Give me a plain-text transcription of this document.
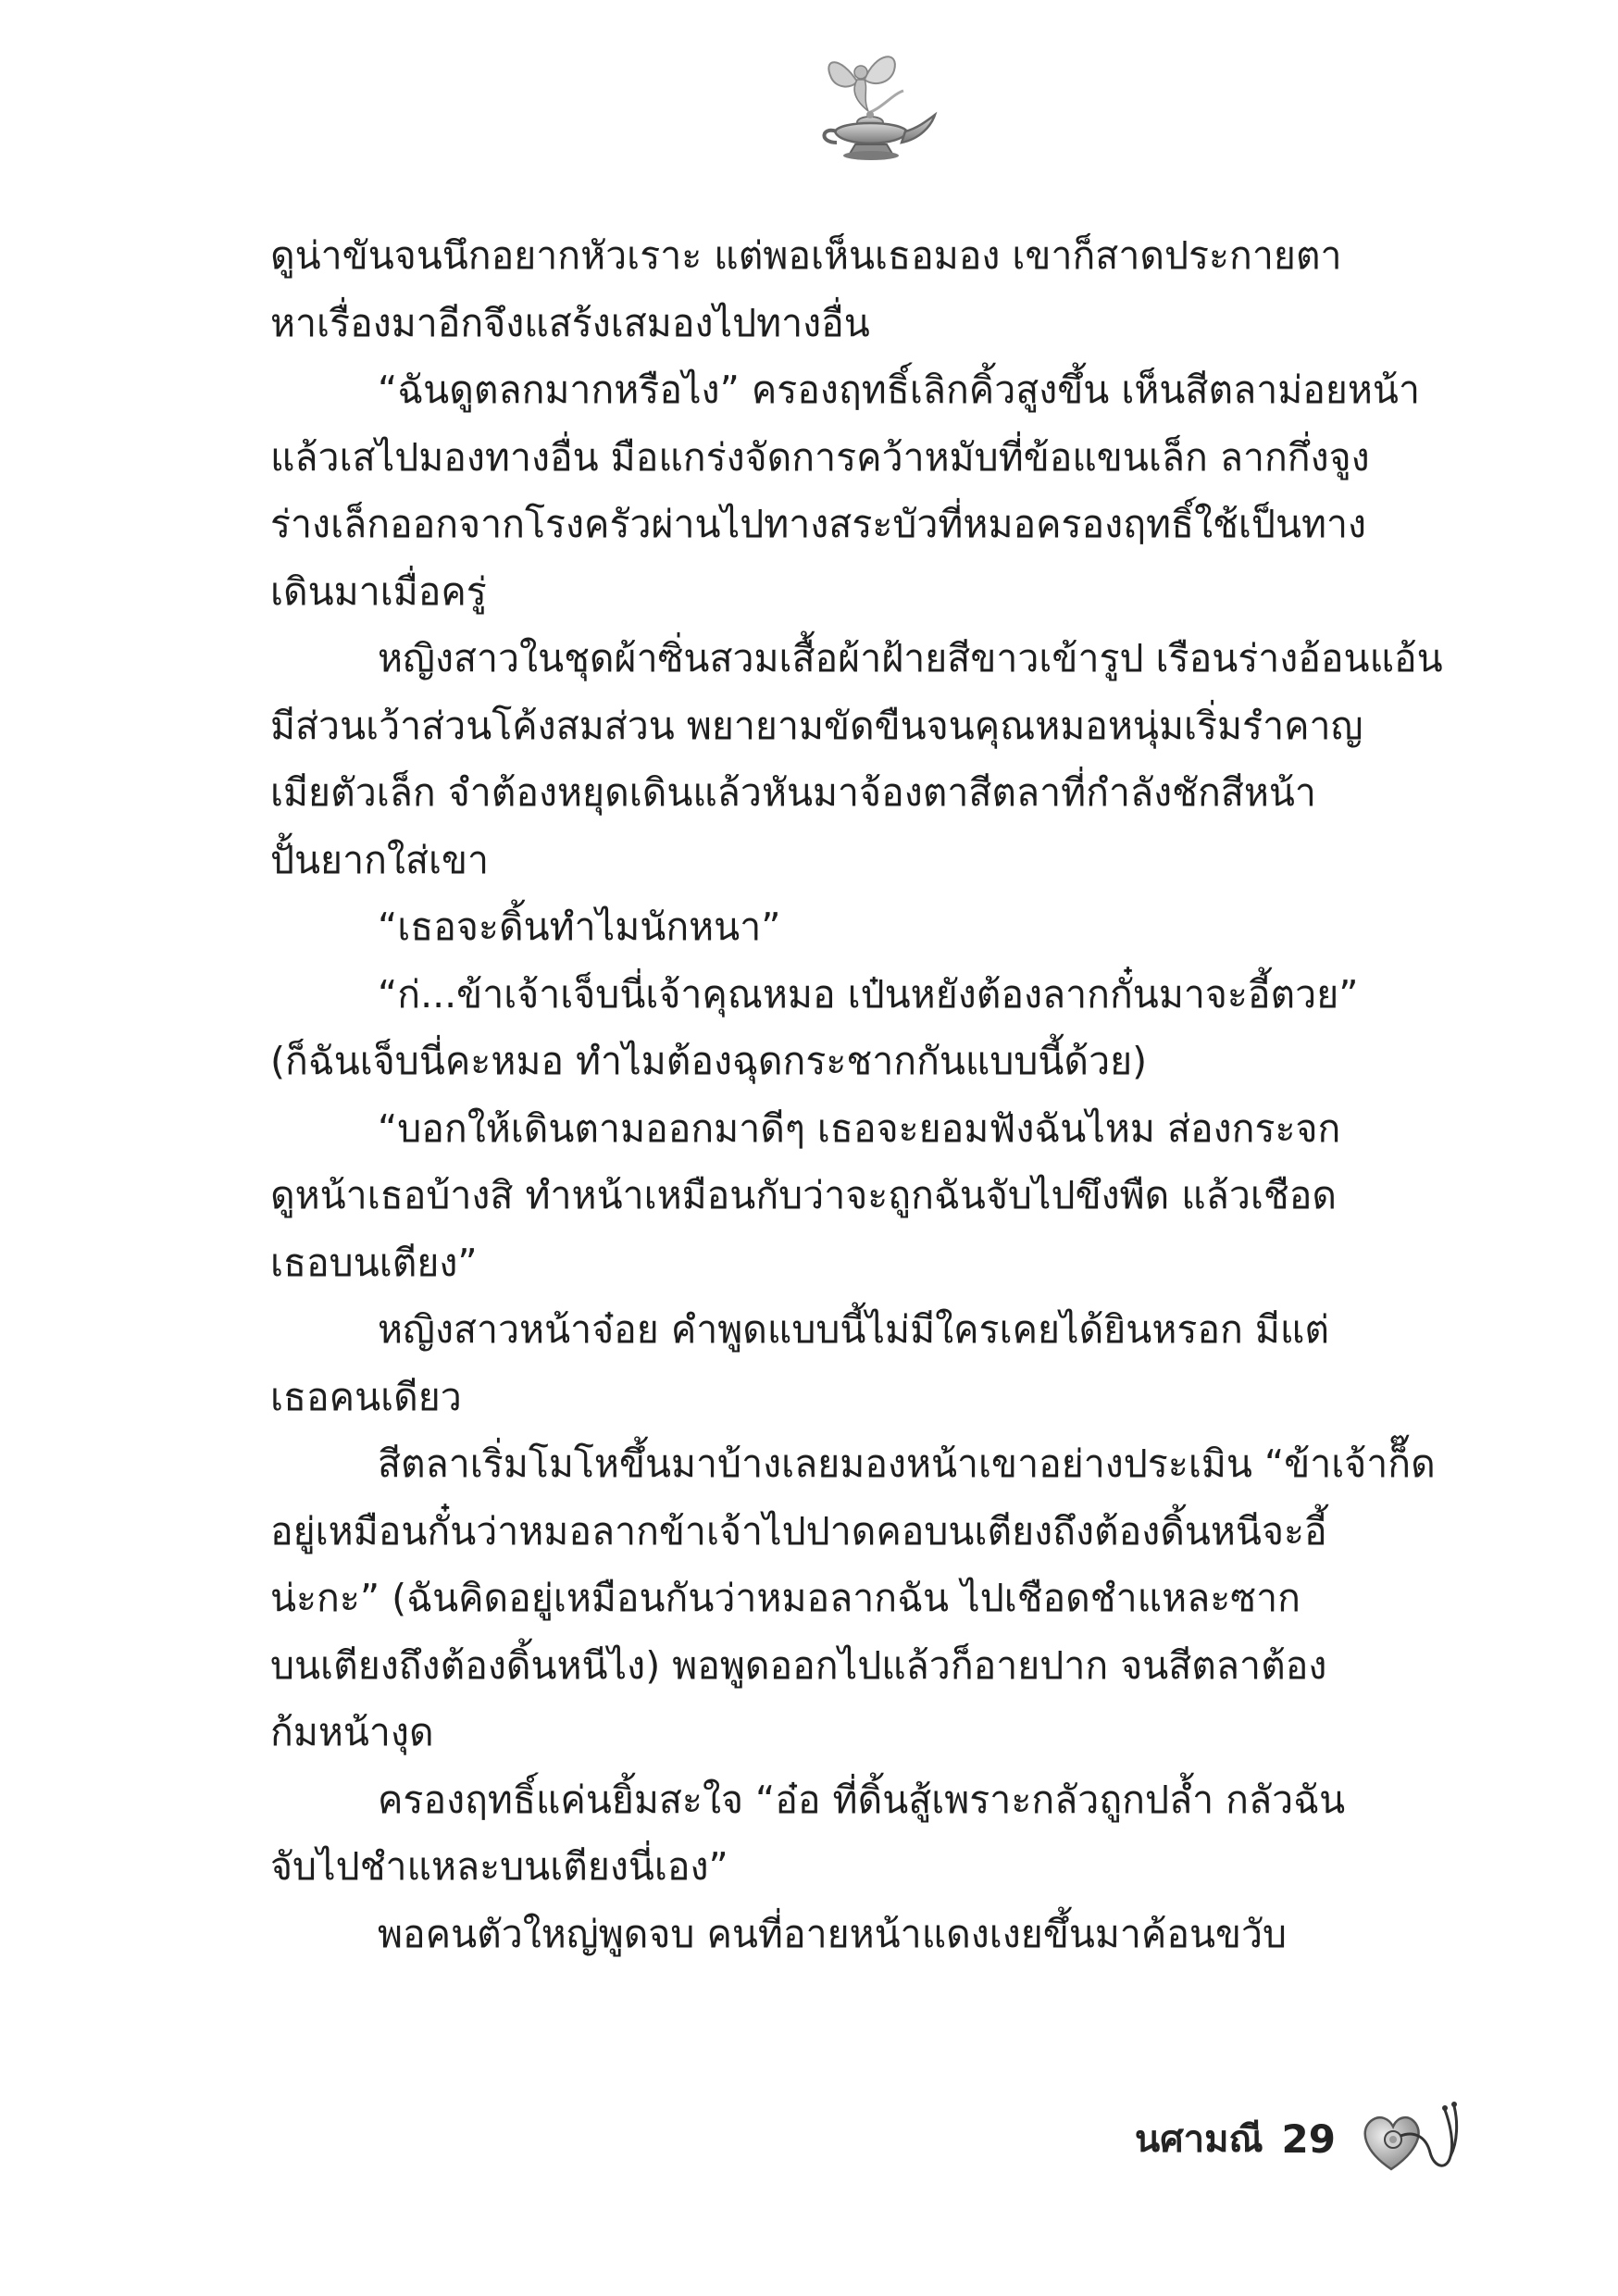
ดูน่าขันจนนึกอยากหัวเราะ แต่พอเห็นเธอมอง เขาก็สาดประกายตา
หาเรื่องมาอีกจึงแสร้งเสมองไปทางอื่น
“ฉันดูตลกมากหรือไง” ครองฤทธิ์เลิกคิ้วสูงขึ้น เห็นสีตลาม่อยหน้า
แล้วเสไปมองทางอื่น มือแกร่งจัดการคว้าหมับที่ข้อแขนเล็ก ลากกึ่งจูง
ร่างเล็กออกจากโรงครัวผ่านไปทางสระบัวที่หมอครองฤทธิ์ใช้เป็นทาง
เดินมาเมื่อครู่
หญิงสาวในชุดผ้าซิ่นสวมเสื้อผ้าฝ้ายสีขาวเข้ารูป เรือนร่างอ้อนแอ้น
มีส่วนเว้าส่วนโค้งสมส่วน พยายามขัดขืนจนคุณหมอหนุ่มเริ่มรำคาญ
เมียตัวเล็ก จำต้องหยุดเดินแล้วหันมาจ้องตาสีตลาที่กำลังชักสีหน้า
ปั้นยากใส่เขา
“เธอจะดิ้นทำไมนักหนา”
“ก่...ข้าเจ้าเจ็บนี่เจ้าคุณหมอ เป๋นหยังต้องลากกั๋นมาจะอี้ตวย”
(ก็ฉันเจ็บนี่คะหมอ ทำไมต้องฉุดกระชากกันแบบนี้ด้วย)
“บอกให้เดินตามออกมาดีๆ เธอจะยอมฟังฉันไหม ส่องกระจก
ดูหน้าเธอบ้างสิ ทำหน้าเหมือนกับว่าจะถูกฉันจับไปขึงพืด แล้วเชือด
เธอบนเตียง”
หญิงสาวหน้าจ๋อย คำพูดแบบนี้ไม่มีใครเคยได้ยินหรอก มีแต่
เธอคนเดียว
สีตลาเริ่มโมโหขึ้นมาบ้างเลยมองหน้าเขาอย่างประเมิน “ข้าเจ้าก็๊ด
อยู่เหมือนกั๋นว่าหมอลากข้าเจ้าไปปาดคอบนเตียงถึงต้องดิ้นหนีจะอี้
น่ะกะ” (ฉันคิดอยู่เหมือนกันว่าหมอลากฉัน ไปเชือดชำแหละซาก
บนเตียงถึงต้องดิ้นหนีไง) พอพูดออกไปแล้วก็อายปาก จนสีตลาต้อง
ก้มหน้างุด
ครองฤทธิ์แค่นยิ้มสะใจ “อ๋อ ที่ดิ้นสู้เพราะกลัวถูกปล้ำ กลัวฉัน
จับไปชำแหละบนเตียงนี่เอง”
พอคนตัวใหญ่พูดจบ คนที่อายหน้าแดงเงยขึ้นมาค้อนขวับ
นศามณี 29
